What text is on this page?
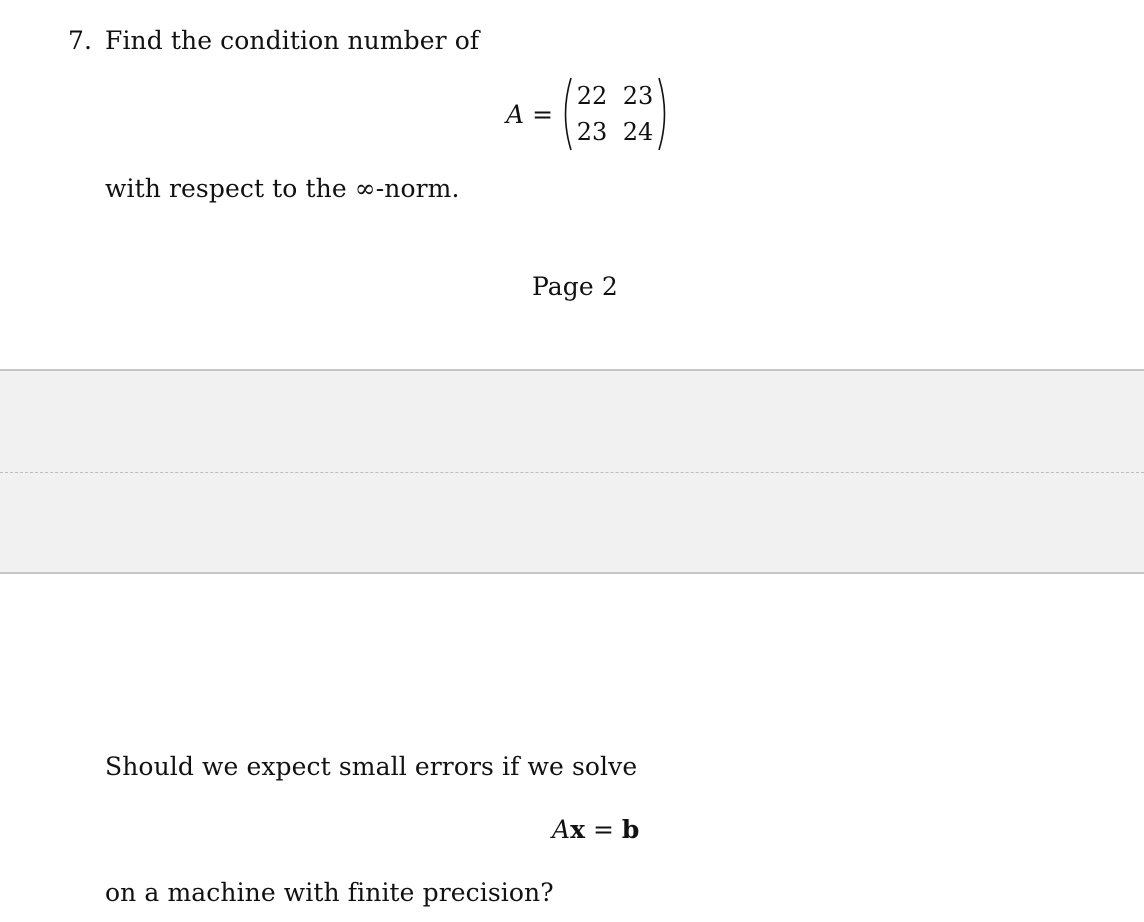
7. Find the condition number of
A =
22 23
23 24
with respect to the ∞-norm.
Page 2
Should we expect small errors if we solve
Ax = b
on a machine with finite precision?
